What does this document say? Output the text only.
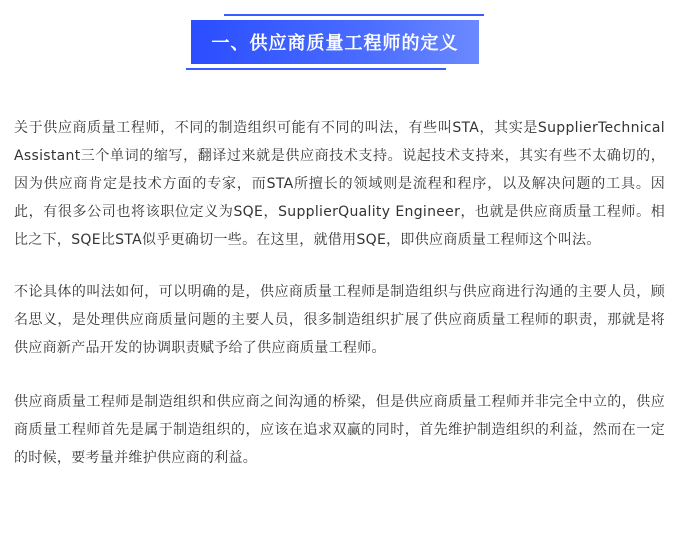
一、供应商质量工程师的定义

关于供应商质量工程师，不同的制造组织可能有不同的叫法，有些叫STA，其实是SupplierTechnical Assistant三个单词的缩写，翻译过来就是供应商技术支持。说起技术支持来，其实有些不太确切的，因为供应商肯定是技术方面的专家，而STA所擅长的领域则是流程和程序，以及解决问题的工具。因此，有很多公司也将该职位定义为SQE，SupplierQuality Engineer，也就是供应商质量工程师。相比之下，SQE比STA似乎更确切一些。在这里，就借用SQE，即供应商质量工程师这个叫法。

不论具体的叫法如何，可以明确的是，供应商质量工程师是制造组织与供应商进行沟通的主要人员，顾名思义，是处理供应商质量问题的主要人员，很多制造组织扩展了供应商质量工程师的职责，那就是将供应商新产品开发的协调职责赋予给了供应商质量工程师。

供应商质量工程师是制造组织和供应商之间沟通的桥梁，但是供应商质量工程师并非完全中立的，供应商质量工程师首先是属于制造组织的，应该在追求双赢的同时，首先维护制造组织的利益，然而在一定的时候，要考量并维护供应商的利益。
